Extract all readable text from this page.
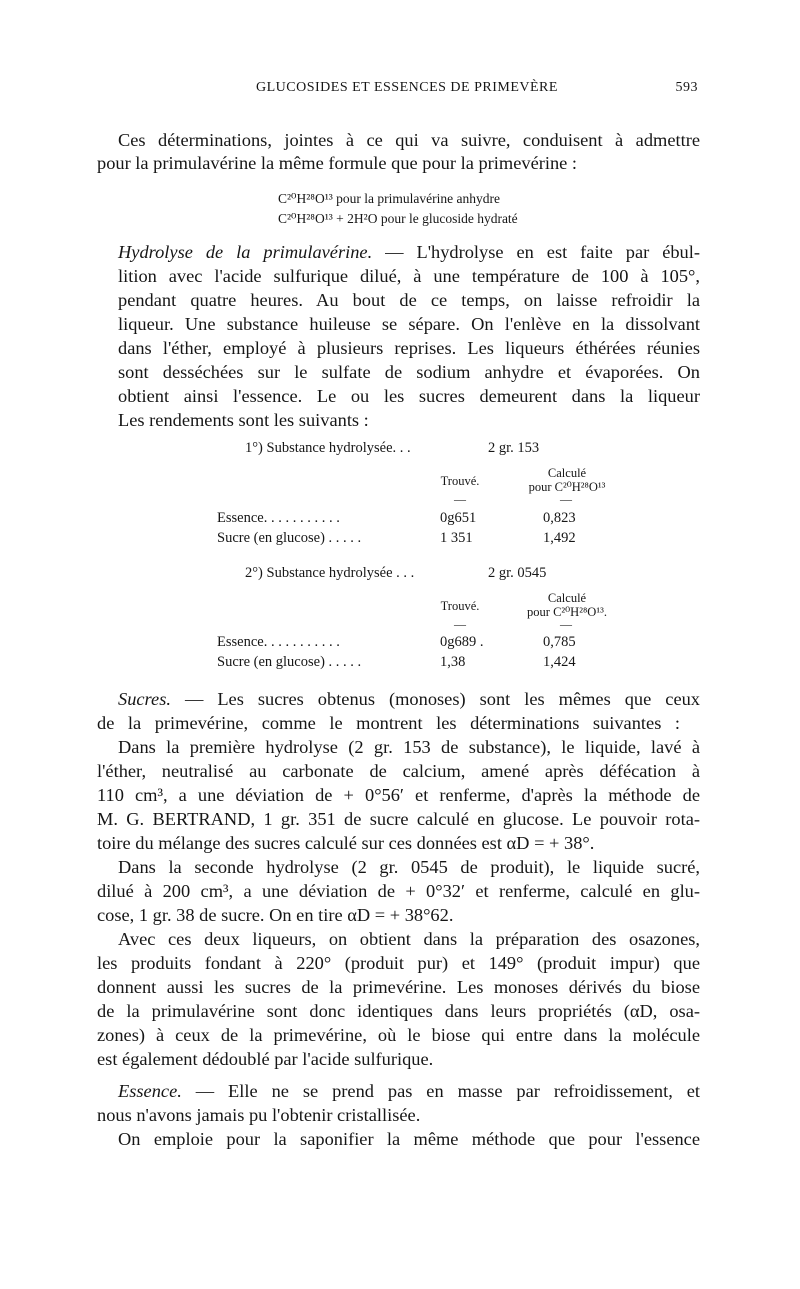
GLUCOSIDES ET ESSENCES DE PRIMEVÈRE	593
Ces déterminations, jointes à ce qui va suivre, conduisent à admettre
pour la primulavérine la même formule que pour la primevérine :
C²⁰H²⁸O¹³ pour la primulavérine anhydre
C²⁰H²⁸O¹³ + 2H²O pour le glucoside hydraté
Hydrolyse de la primulavérine. — L'hydrolyse en est faite par ébul-
lition avec l'acide sulfurique dilué, à une température de 100 à 105°,
pendant quatre heures. Au bout de ce temps, on laisse refroidir la
liqueur. Une substance huileuse se sépare. On l'enlève en la dissolvant
dans l'éther, employé à plusieurs reprises. Les liqueurs éthérées réunies
sont desséchées sur le sulfate de sodium anhydre et évaporées. On
obtient ainsi l'essence. Le ou les sucres demeurent dans la liqueur
Les rendements sont les suivants :
1°) Substance hydrolysée. . .	2 gr. 153
Trouvé.
Calculé
pour C²⁰H²⁸O¹³
—	—
Essence. . . . . . . . . . .	0g651	0,823
Sucre (en glucose) . . . . .	1 351	1,492
2°) Substance hydrolysée . . .	2 gr. 0545
Trouvé.
Calculé
pour C²⁰H²⁸O¹³.
—	—
Essence. . . . . . . . . . .	0g689 .	0,785
Sucre (en glucose) . . . . .	1,38	1,424
Sucres. — Les sucres obtenus (monoses) sont les mêmes que ceux
de la primevérine, comme le montrent les déterminations suivantes :
Dans la première hydrolyse (2 gr. 153 de substance), le liquide, lavé à
l'éther, neutralisé au carbonate de calcium, amené après défécation à
110 cm³, a une déviation de + 0°56′ et renferme, d'après la méthode de
M. G. BERTRAND, 1 gr. 351 de sucre calculé en glucose. Le pouvoir rota-
toire du mélange des sucres calculé sur ces données est αD = + 38°.
Dans la seconde hydrolyse (2 gr. 0545 de produit), le liquide sucré,
dilué à 200 cm³, a une déviation de + 0°32′ et renferme, calculé en glu-
cose, 1 gr. 38 de sucre. On en tire αD = + 38°62.
Avec ces deux liqueurs, on obtient dans la préparation des osazones,
les produits fondant à 220° (produit pur) et 149° (produit impur) que
donnent aussi les sucres de la primevérine. Les monoses dérivés du biose
de la primulavérine sont donc identiques dans leurs propriétés (αD, osa-
zones) à ceux de la primevérine, où le biose qui entre dans la molécule
est également dédoublé par l'acide sulfurique.
Essence. — Elle ne se prend pas en masse par refroidissement, et
nous n'avons jamais pu l'obtenir cristallisée.
On emploie pour la saponifier la même méthode que pour l'essence
